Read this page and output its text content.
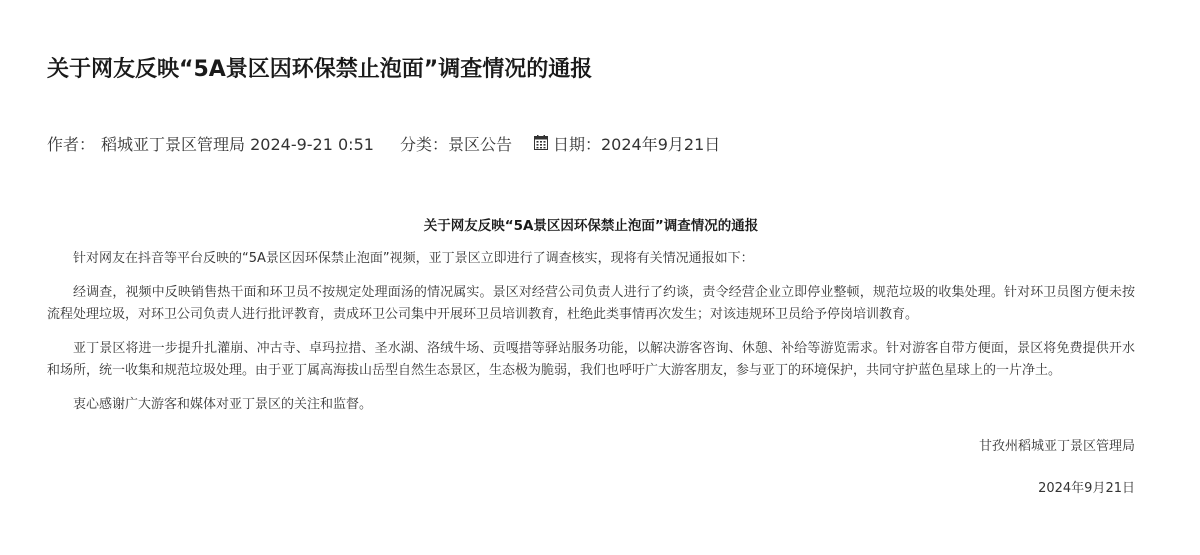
关于网友反映“5A景区因环保禁止泡面”调查情况的通报
作者： 稻城亚丁景区管理局 2024-9-21 0:51 分类： 景区公告	日期： 2024年9月21日
关于网友反映“5A景区因环保禁止泡面”调查情况的通报

针对网友在抖音等平台反映的“5A景区因环保禁止泡面”视频，亚丁景区立即进行了调查核实，现将有关情况通报如下：

经调查，视频中反映销售热干面和环卫员不按规定处理面汤的情况属实。景区对经营公司负责人进行了约谈，责令经营企业立即停业整顿，规范垃圾的收集处理。针对环卫员图方便未按流程处理垃圾，对环卫公司负责人进行批评教育，责成环卫公司集中开展环卫员培训教育，杜绝此类事情再次发生；对该违规环卫员给予停岗培训教育。

亚丁景区将进一步提升扎灌崩、冲古寺、卓玛拉措、圣水湖、洛绒牛场、贡嘎措等驿站服务功能，以解决游客咨询、休憩、补给等游览需求。针对游客自带方便面，景区将免费提供开水和场所，统一收集和规范垃圾处理。由于亚丁属高海拔山岳型自然生态景区，生态极为脆弱，我们也呼吁广大游客朋友，参与亚丁的环境保护，共同守护蓝色星球上的一片净土。

衷心感谢广大游客和媒体对亚丁景区的关注和监督。

甘孜州稻城亚丁景区管理局

2024年9月21日
